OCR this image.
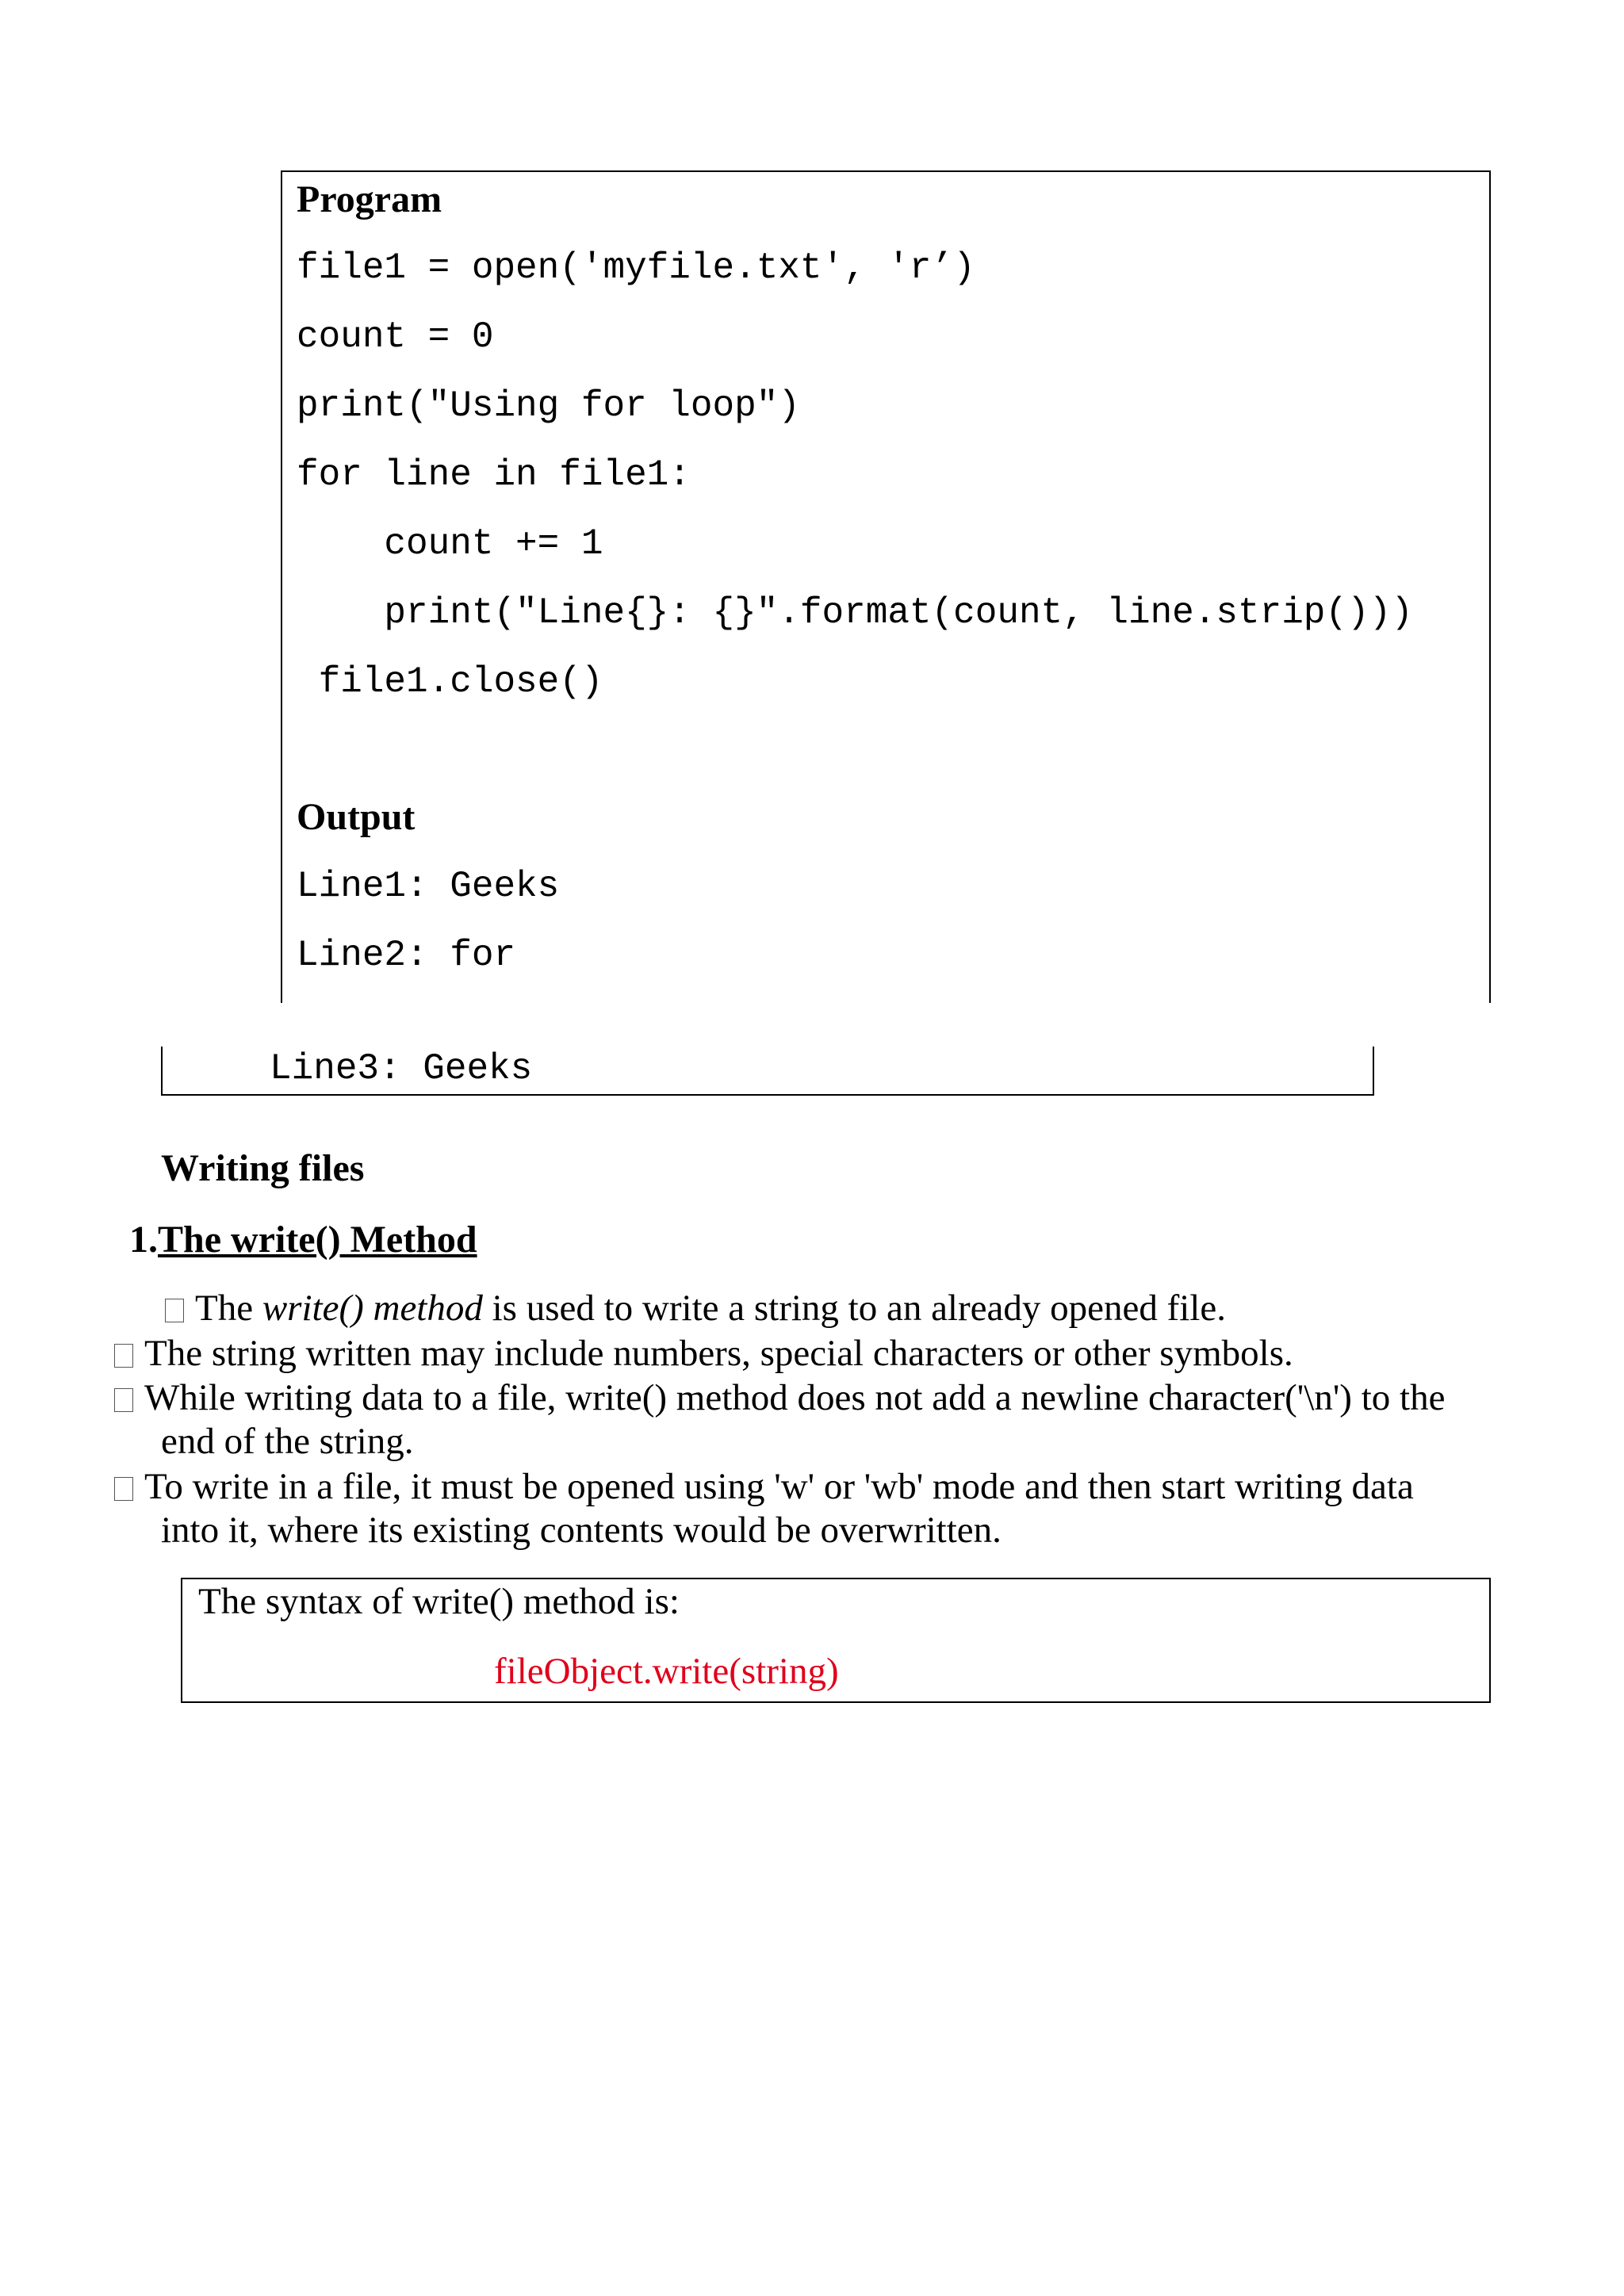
Program
file1 = open('myfile.txt', 'r’)
count = 0
print("Using for loop")
for line in file1:
count += 1
print("Line{}: {}".format(count, line.strip()))
file1.close()
Output
Line1: Geeks
Line2: for
Line3: Geeks
Writing files
1.The write() Method
The write() method is used to write a string to an already opened file.
The string written may include numbers, special characters or other symbols.
While writing data to a file, write() method does not add a newline character('\n') to the
end of the string.
To write in a file, it must be opened using 'w' or 'wb' mode and then start writing data
into it, where its existing contents would be overwritten.
The syntax of write() method is:
fileObject.write(string)
